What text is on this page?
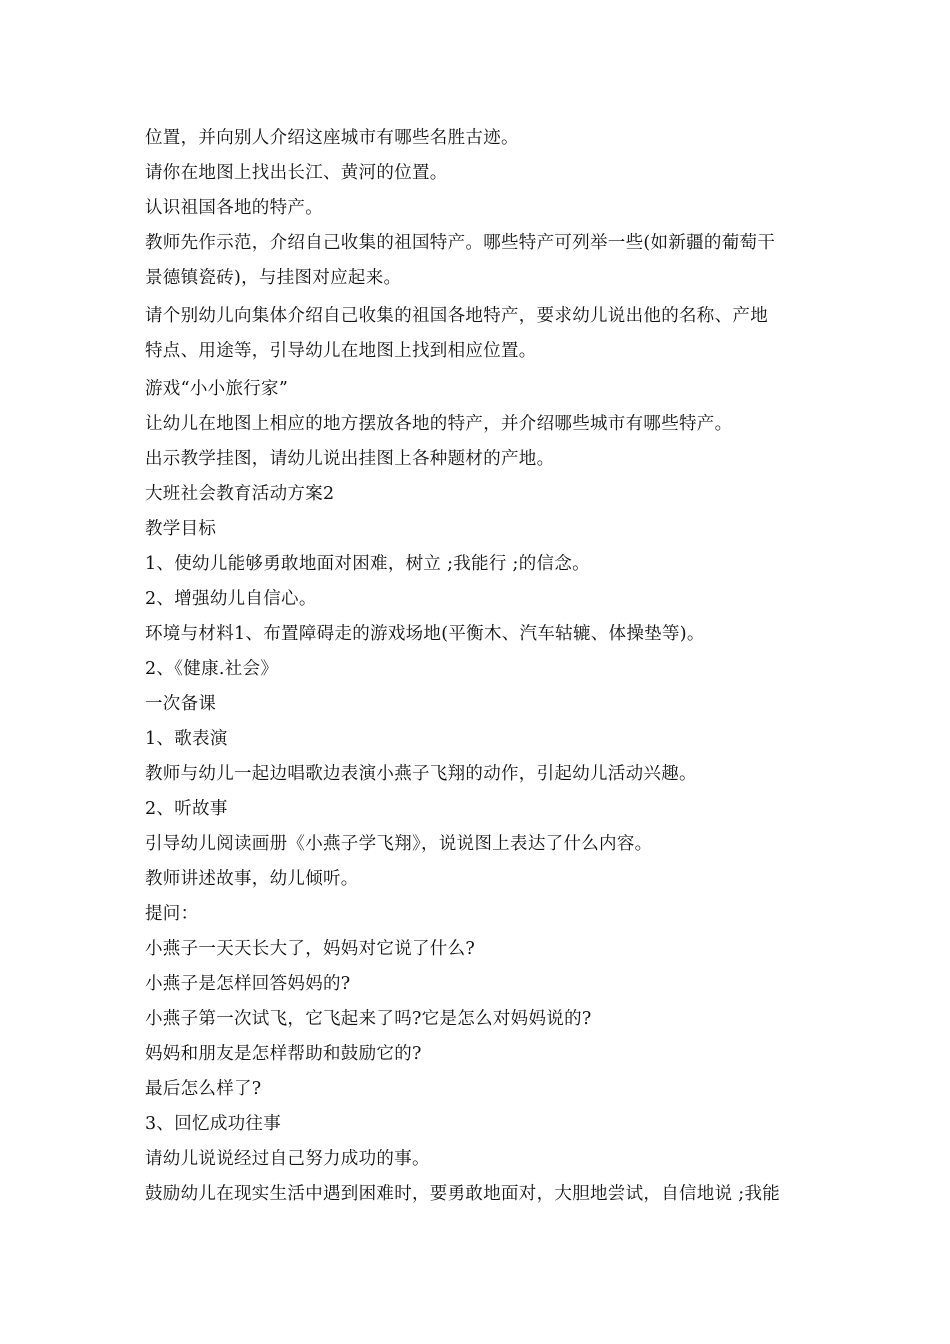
位置，并向别人介绍这座城市有哪些名胜古迹。
请你在地图上找出长江、黄河的位置。
认识祖国各地的特产。
教师先作示范，介绍自己收集的祖国特产。哪些特产可列举一些(如新疆的葡萄干
景德镇瓷砖)，与挂图对应起来。
请个别幼儿向集体介绍自己收集的祖国各地特产，要求幼儿说出他的名称、产地
特点、用途等，引导幼儿在地图上找到相应位置。
游戏“小小旅行家”
让幼儿在地图上相应的地方摆放各地的特产，并介绍哪些城市有哪些特产。
出示教学挂图，请幼儿说出挂图上各种题材的产地。
大班社会教育活动方案2
教学目标
1、使幼儿能够勇敢地面对困难，树立 ;我能行 ;的信念。
2、增强幼儿自信心。
环境与材料1、布置障碍走的游戏场地(平衡木、汽车轱辘、体操垫等)。
2、《健康.社会》
一次备课
1、歌表演
教师与幼儿一起边唱歌边表演小燕子飞翔的动作，引起幼儿活动兴趣。
2、听故事
引导幼儿阅读画册《小燕子学飞翔》，说说图上表达了什么内容。
教师讲述故事，幼儿倾听。
提问：
小燕子一天天长大了，妈妈对它说了什么?
小燕子是怎样回答妈妈的?
小燕子第一次试飞，它飞起来了吗?它是怎么对妈妈说的?
妈妈和朋友是怎样帮助和鼓励它的?
最后怎么样了?
3、回忆成功往事
请幼儿说说经过自己努力成功的事。
鼓励幼儿在现实生活中遇到困难时，要勇敢地面对，大胆地尝试，自信地说 ;我能
